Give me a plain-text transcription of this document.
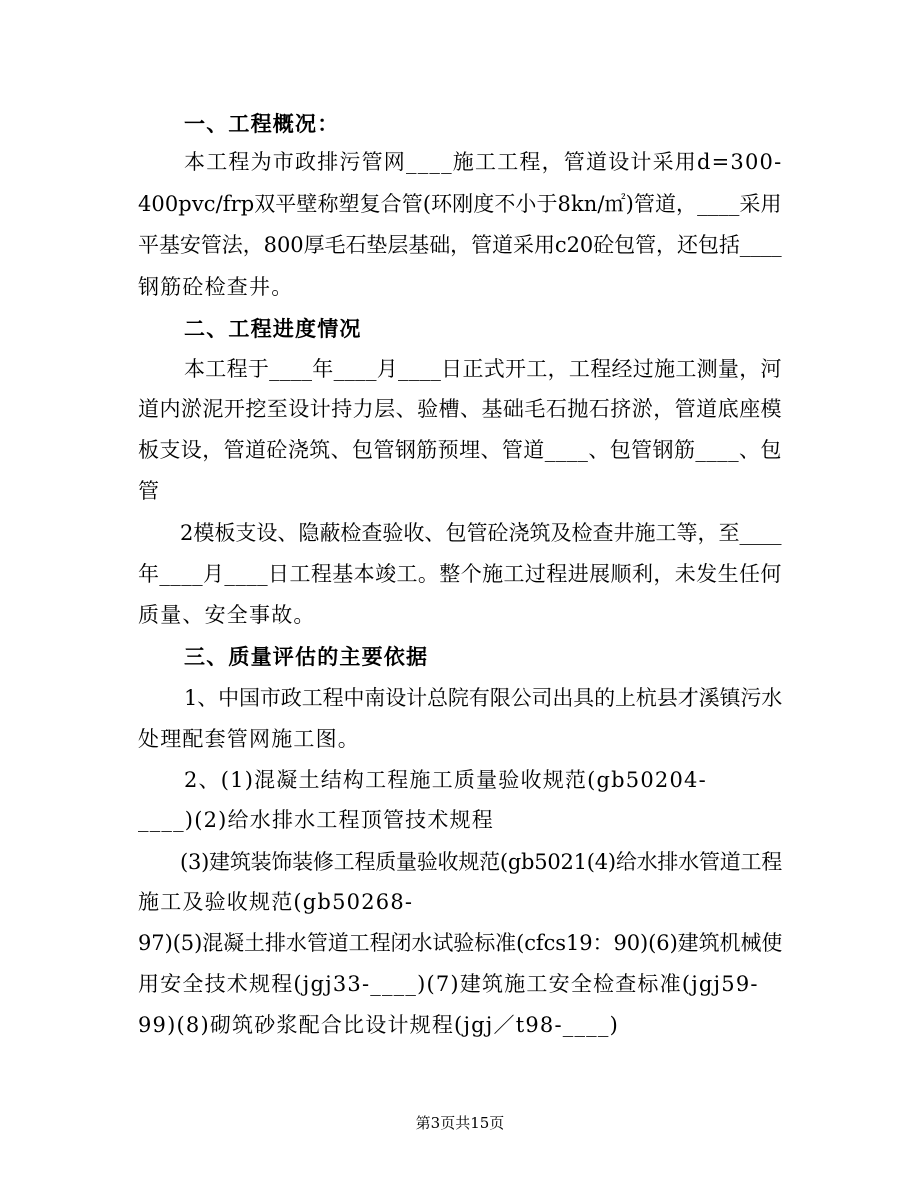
一、工程概况：
本工程为市政排污管网____施工工程，管道设计采用d=300-
400pvc/frp双平壁称塑复合管(环刚度不小于8kn/㎡)管道，____采用
平基安管法，800厚毛石垫层基础，管道采用c20砼包管，还包括____
钢筋砼检查井。
二、工程进度情况
本工程于____年____月____日正式开工，工程经过施工测量，河
道内淤泥开挖至设计持力层、验槽、基础毛石抛石挤淤，管道底座模
板支设，管道砼浇筑、包管钢筋预埋、管道____、包管钢筋____、包
管
2模板支设、隐蔽检查验收、包管砼浇筑及检查井施工等，至____
年____月____日工程基本竣工。整个施工过程进展顺利，未发生任何
质量、安全事故。
三、质量评估的主要依据
1、中国市政工程中南设计总院有限公司出具的上杭县才溪镇污水
处理配套管网施工图。
2、(1)混凝土结构工程施工质量验收规范(gb50204-
____)(2)给水排水工程顶管技术规程
(3)建筑装饰装修工程质量验收规范(gb5021(4)给水排水管道工程
施工及验收规范(gb50268-
97)(5)混凝土排水管道工程闭水试验标准(cfcs19：90)(6)建筑机械使
用安全技术规程(jgj33-____)(7)建筑施工安全检查标准(jgj59-
99)(8)砌筑砂浆配合比设计规程(jgj／t98-____)
第3页共15页
